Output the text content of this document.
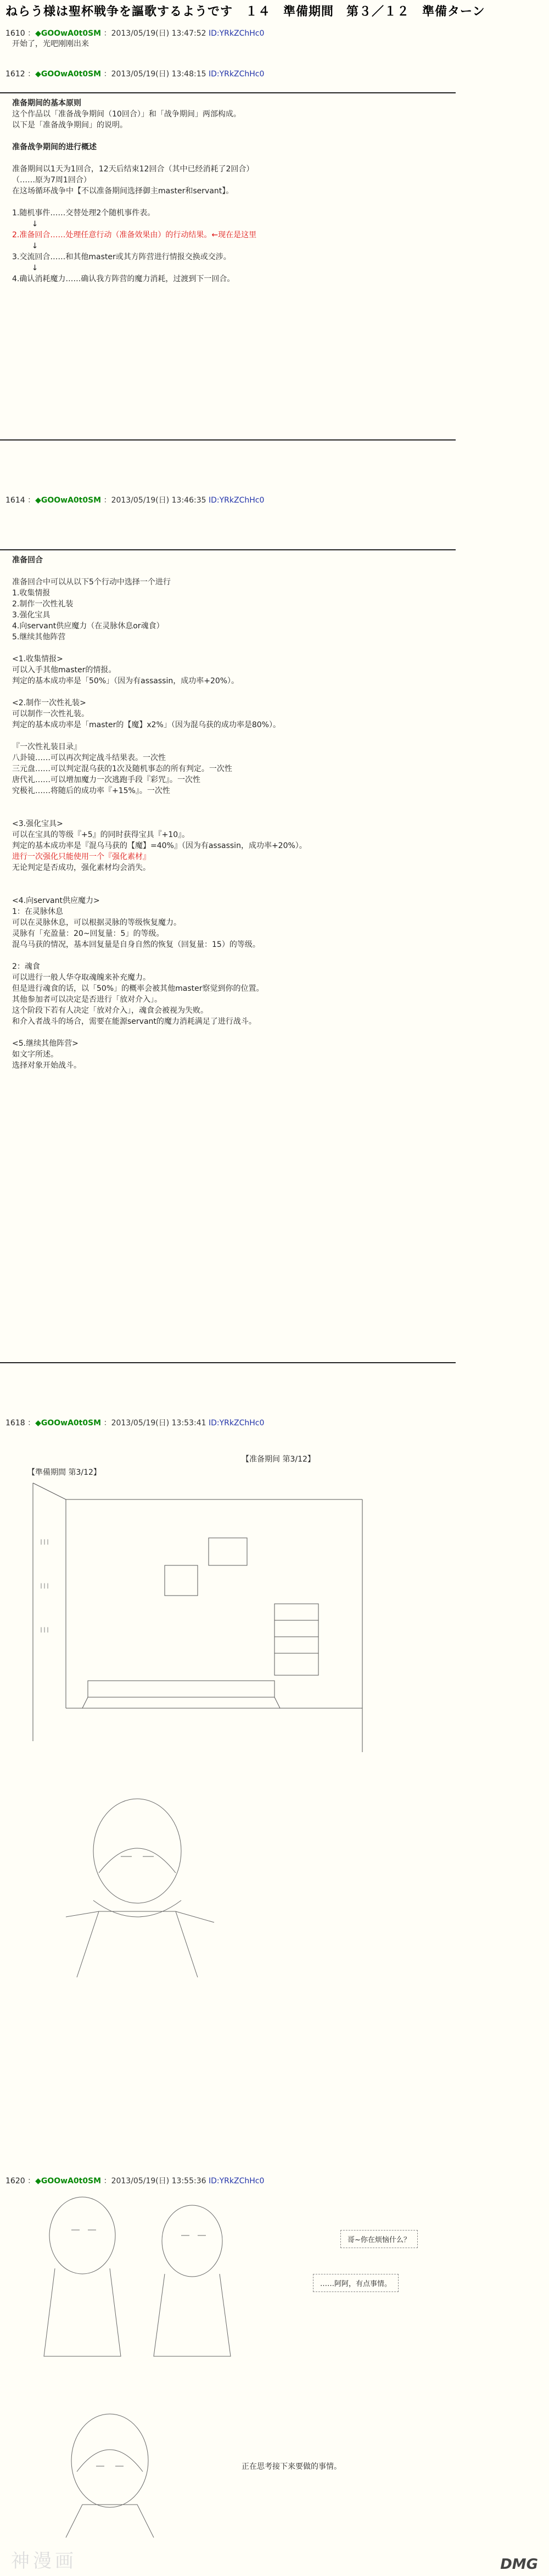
ねらう様は聖杯戦争を謳歌するようです　１４　準備期間　第３／１２　準備ターン
1610 ：◆GOOwA0t0SM ：2013/05/19(日) 13:47:52 ID:YRkZChHc0
开始了，光吧刚刚出来
1612 ：◆GOOwA0t0SM ：2013/05/19(日) 13:48:15 ID:YRkZChHc0
准备期间的基本原则
这个作品以「准备战争期间（10回合）」和「战争期间」两部构成。
以下是「准备战争期间」的说明。

准备战争期间的进行概述

准备期间以1天为1回合，12天后结束12回合（其中已经消耗了2回合）
（……原为7周1回合）
在这场循环战争中【不以准备期间选择御主master和servant】。

1.随机事件……交替处理2个随机事件表。
↓
2.准备回合……处理任意行动（准备效果由）的行动结果。←现在是这里
↓
3.交流回合……和其他master或其方阵营进行情报交换或交涉。
↓
4.确认消耗魔力……确认我方阵营的魔力消耗，过渡到下一回合。
1614 ：◆GOOwA0t0SM ：2013/05/19(日) 13:46:35 ID:YRkZChHc0
准备回合

准备回合中可以从以下5个行动中选择一个进行
1.收集情报
2.制作一次性礼装
3.强化宝具
4.向servant供应魔力（在灵脉休息or魂食）
5.继续其他阵营

<1.收集情报>
可以入手其他master的情报。
判定的基本成功率是「50%」（因为有assassin，成功率+20%）。

<2.制作一次性礼装>
可以制作一次性礼装。
判定的基本成功率是「master的【魔】x2%」（因为混乌获的成功率是80%）。

『一次性礼装目录』
八卦镜……可以再次判定战斗结果表。一次性
三元盘……可以判定混乌获的1次及随机事态的所有判定。一次性
唐代礼……可以增加魔力一次逃跑手段『彩咒』。一次性
究极礼……将随后的成功率『+15%』。一次性

<3.强化宝具>
可以在宝具的等级『+5』的同时获得宝具『+10』。
判定的基本成功率是『混乌马获的【魔】=40%』（因为有assassin，成功率+20%）。
进行一次强化只能使用一个『强化素材』
无论判定是否成功，强化素材均会消失。

<4.向servant供应魔力>
1：在灵脉休息
可以在灵脉休息，可以根据灵脉的等级恢复魔力。
灵脉有「充盈量：20~回复量：5」的等级。
混乌马获的情况，基本回复量是自身自然的恢复（回复量：15）的等级。

2：魂食
可以进行一般人华夺取魂魄来补充魔力。
但是进行魂食的话，以「50%」的概率会被其他master察觉到你的位置。
其他参加者可以决定是否进行「放对介入」。
这个阶段下若有人决定「放对介入」，魂食会被视为失败。
和介入者战斗的场合，需要在能源servant的魔力消耗满足了进行战斗。

<5.继续其他阵营>
如文字所述。
选择对象开始战斗。
1618 ：◆GOOwA0t0SM ：2013/05/19(日) 13:53:41 ID:YRkZChHc0
【準備期間 第3/12】
【准备期间 第3/12】
|||
|||
|||
1620 ：◆GOOwA0t0SM ：2013/05/19(日) 13:55:36 ID:YRkZChHc0
哥~你在烦恼什么？
……阿阿，有点事情。
正在思考接下来要做的事情。
神漫画	DMG
